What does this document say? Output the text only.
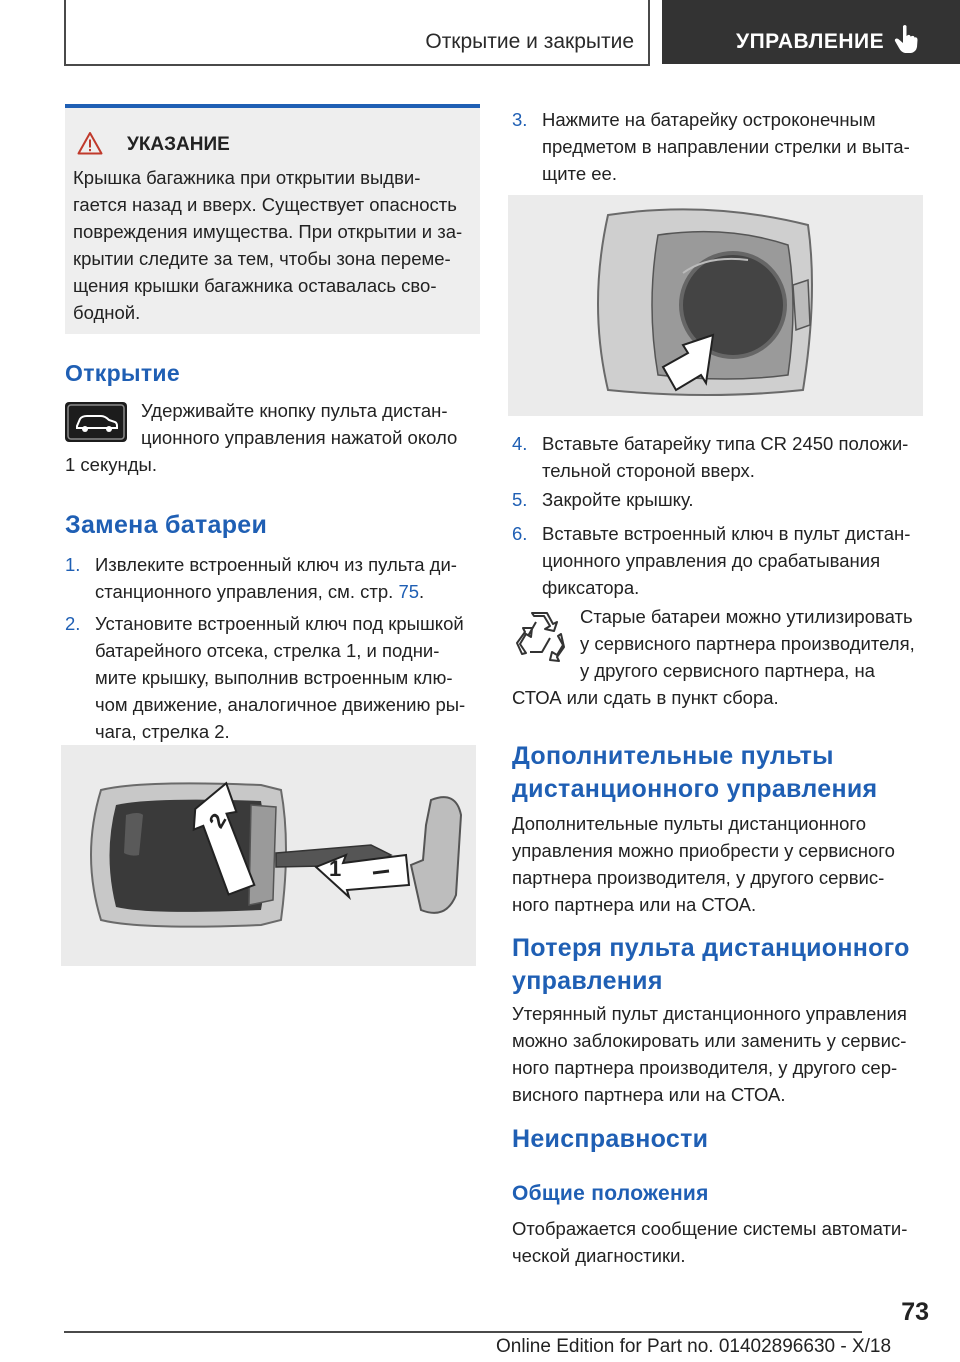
Открытие и закрытие	УПРАВЛЕНИЕ
УКАЗАНИЕ
Крышка багажника при открытии выдви-
гается назад и вверх. Существует опасность
повреждения имущества. При открытии и за-
крытии следите за тем, чтобы зона переме-
щения крышки багажника оставалась сво-
бодной.
Открытие
Удерживайте кнопку пульта дистан-
ционного управления нажатой около
1 секунды.
Замена батареи
1. Извлеките встроенный ключ из пульта ди-
станционного управления, см. стр. 75.
2. Установите встроенный ключ под крышкой
батарейного отсека, стрелка 1, и подни-
мите крышку, выполнив встроенным клю-
чом движение, аналогичное движению ры-
чага, стрелка 2.
2
1
3. Нажмите на батарейку остроконечным
предметом в направлении стрелки и выта-
щите ее.
4. Вставьте батарейку типа CR 2450 положи-
тельной стороной вверх.
5. Закройте крышку.
6. Вставьте встроенный ключ в пульт дистан-
ционного управления до срабатывания
фиксатора.
Старые батареи можно утилизировать
у сервисного партнера производителя,
у другого сервисного партнера, на
СТОА или сдать в пункт сбора.
Дополнительные пульты
дистанционного управления
Дополнительные пульты дистанционного
управления можно приобрести у сервисного
партнера производителя, у другого сервис-
ного партнера или на СТОА.
Потеря пульта дистанционного
управления
Утерянный пульт дистанционного управления
можно заблокировать или заменить у сервис-
ного партнера производителя, у другого сер-
висного партнера или на СТОА.
Неисправности
Общие положения
Отображается сообщение системы автомати-
ческой диагностики.
73
Online Edition for Part no. 01402896630 - X/18
